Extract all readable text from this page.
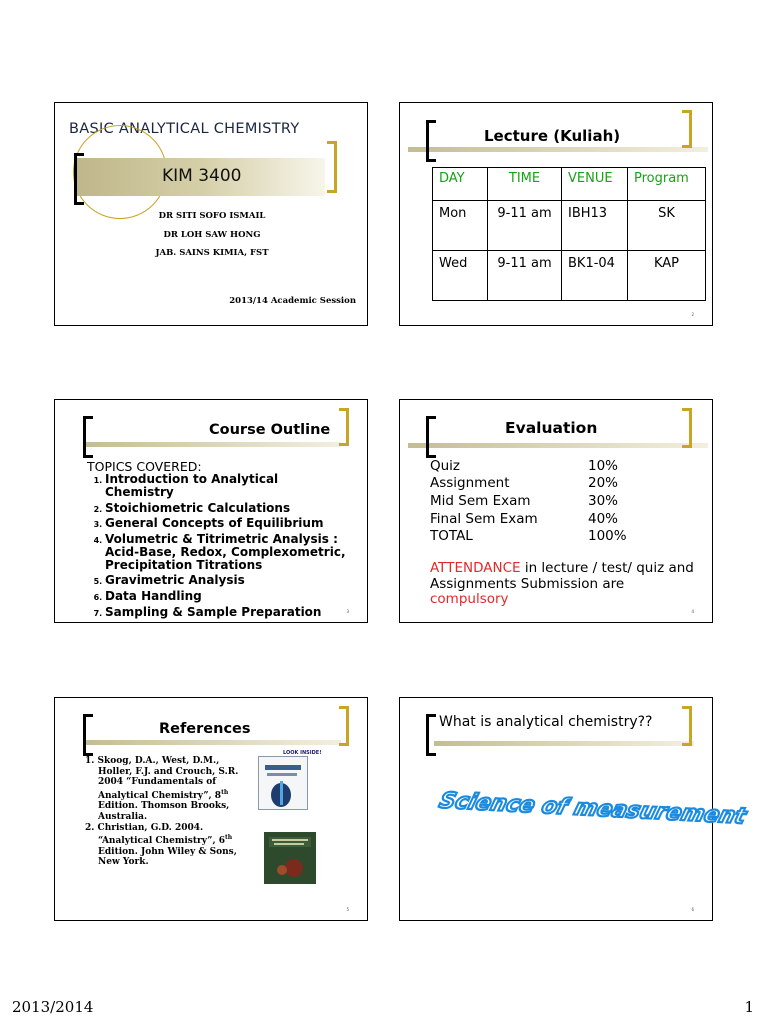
BASIC ANALYTICAL CHEMISTRY
KIM 3400
DR SITI SOFO ISMAIL
DR LOH SAW HONG
JAB. SAINS KIMIA, FST
2013/14 Academic Session
Lecture (Kuliah)
DAY	TIME	VENUE	Program
Mon	9-11 am	IBH13	SK
Wed	9-11 am	BK1-04	KAP
2
Course Outline
TOPICS COVERED:
1. Introduction to Analytical Chemistry
2. Stoichiometric Calculations
3. General Concepts of Equilibrium
4. Volumetric & Titrimetric Analysis : Acid-Base, Redox, Complexometric, Precipitation Titrations
5. Gravimetric Analysis
6. Data Handling
7. Sampling & Sample Preparation	3
Evaluation
Quiz	10%
Assignment	20%
Mid Sem Exam	30%
Final Sem Exam	40%
TOTAL	100%
ATTENDANCE in lecture / test/ quiz and Assignments Submission are compulsory
4
References
1. Skoog, D.A., West, D.M., Holler, F.J. and Crouch, S.R. 2004 “Fundamentals of Analytical Chemistry”, 8th Edition. Thomson Brooks, Australia.
2. Christian, G.D. 2004. “Analytical Chemistry”, 6th Edition. John Wiley & Sons, New York.
LOOK INSIDE!
5
What is analytical chemistry??
Science of measurement
6
2013/2014	1
